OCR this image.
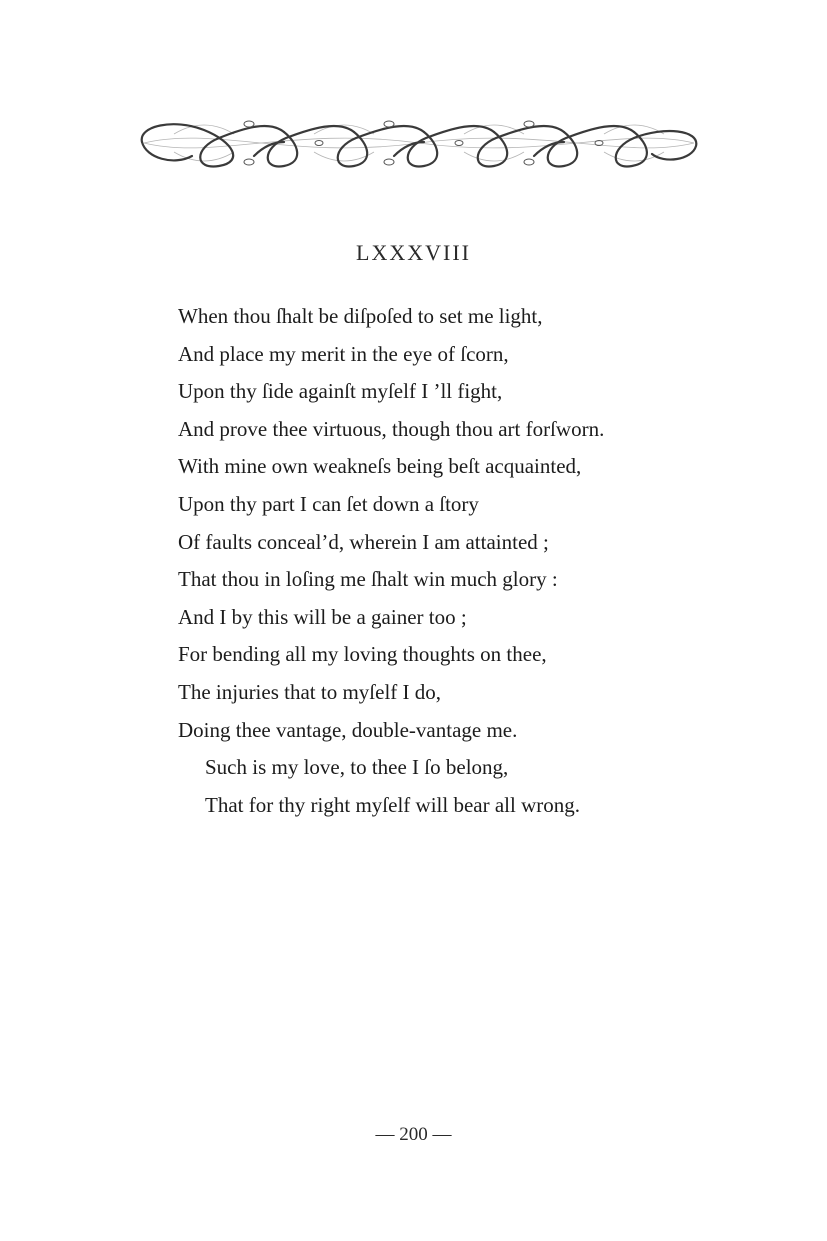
LXXXVIII
When thou ſhalt be diſpoſed to set me light,
And place my merit in the eye of ſcorn,
Upon thy ſide againſt myſelf I ’ll fight,
And prove thee virtuous, though thou art forſworn.
With mine own weakneſs being beſt acquainted,
Upon thy part I can ſet down a ſtory
Of faults conceal’d, wherein I am attainted ;
That thou in loſing me ſhalt win much glory :
And I by this will be a gainer too ;
For bending all my loving thoughts on thee,
The injuries that to myſelf I do,
Doing thee vantage, double-vantage me.
Such is my love, to thee I ſo belong,
That for thy right myſelf will bear all wrong.
— 200 —
